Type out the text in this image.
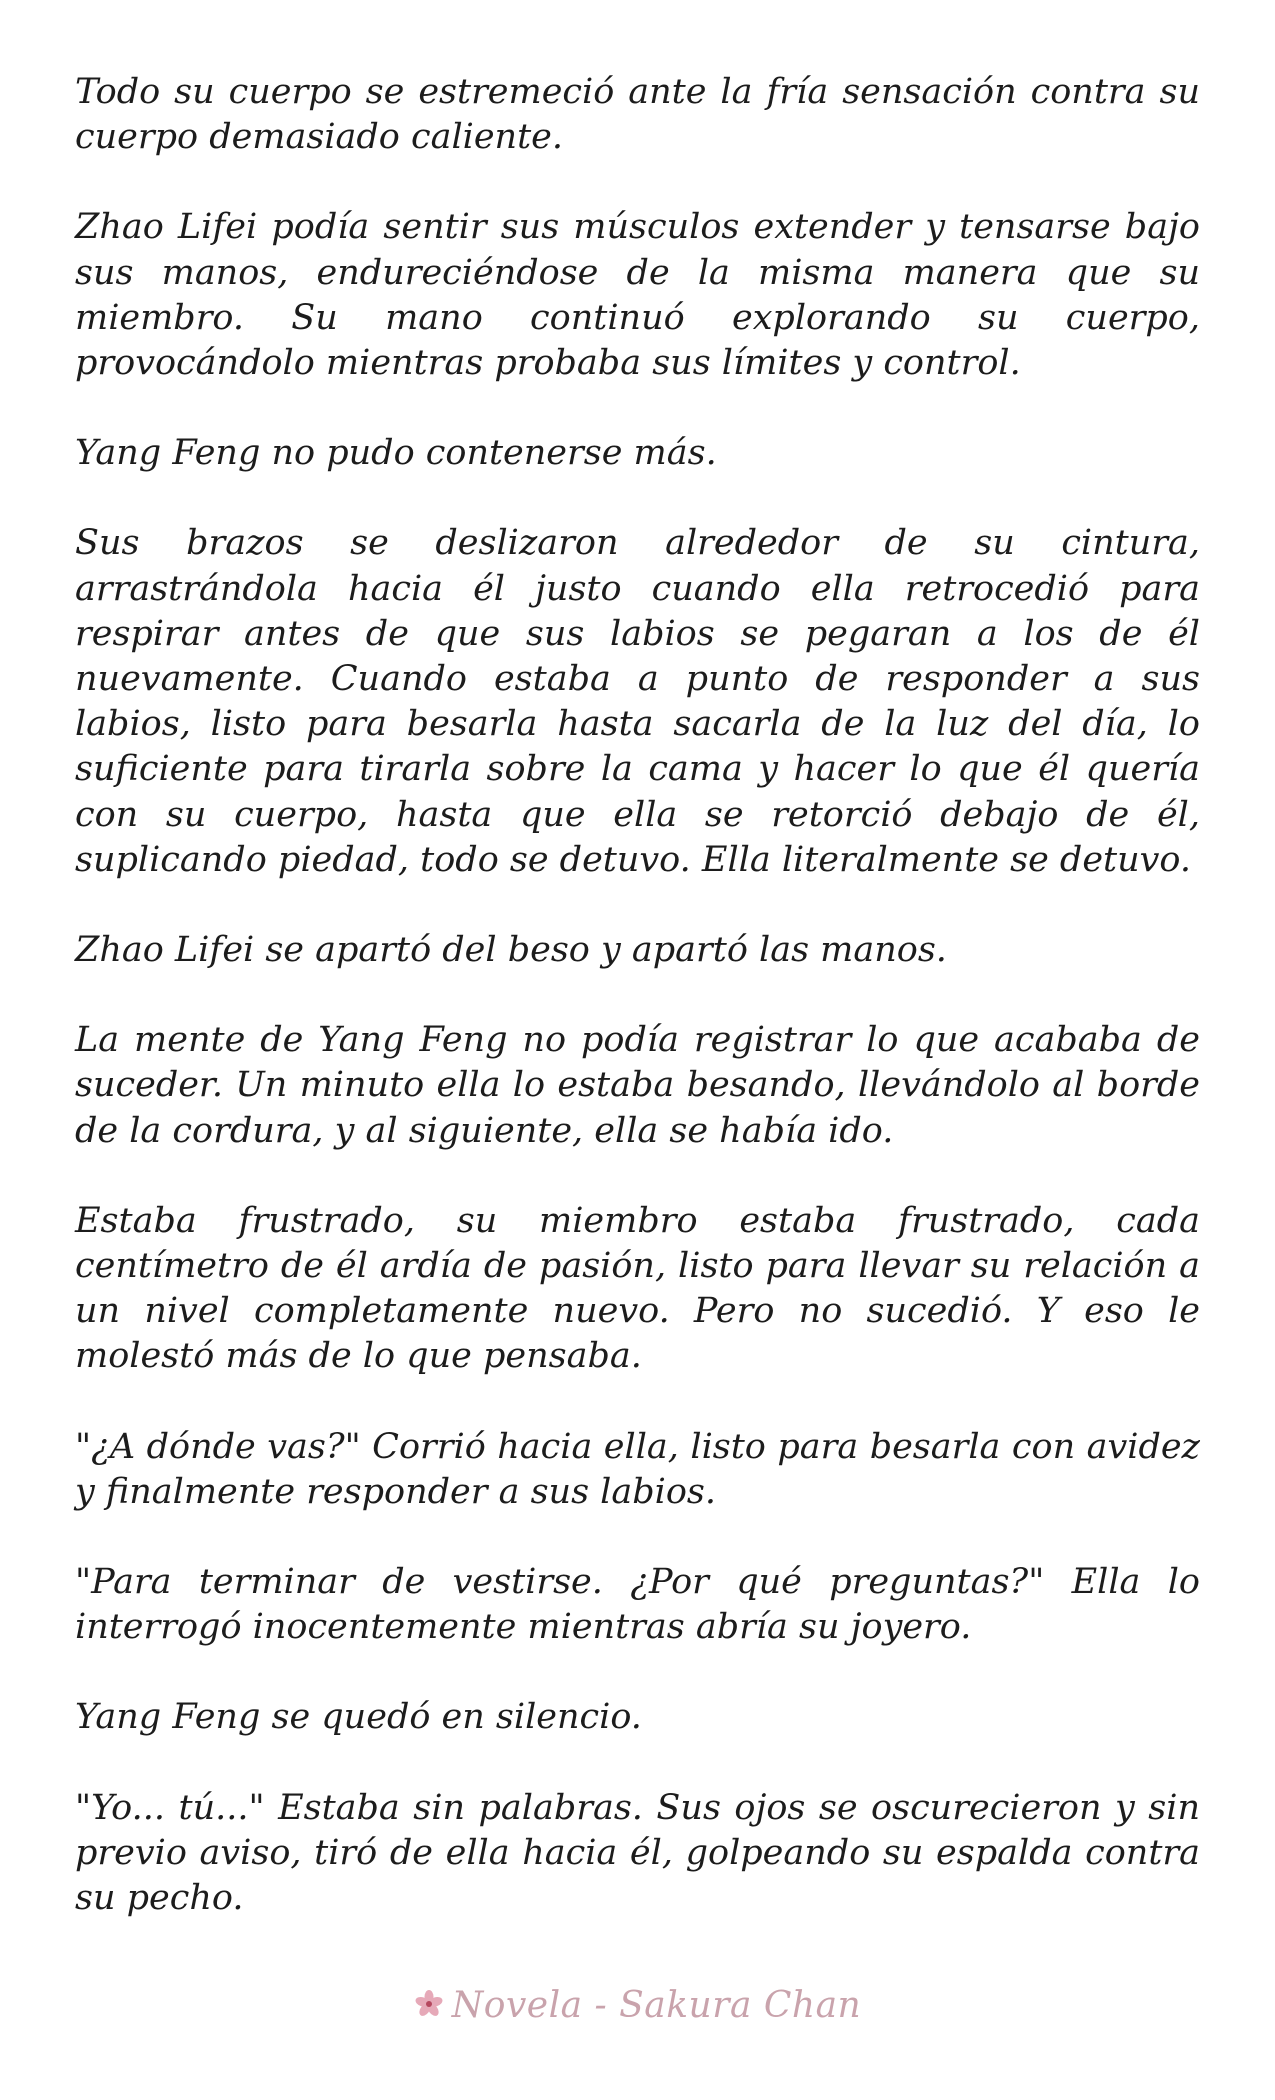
Todo su cuerpo se estremeció ante la fría sensación contra su cuerpo demasiado caliente.

Zhao Lifei podía sentir sus músculos extender y tensarse bajo sus manos, endureciéndose de la misma manera que su miembro. Su mano continuó explorando su cuerpo, provocándolo mientras probaba sus límites y control.

Yang Feng no pudo contenerse más.

Sus brazos se deslizaron alrededor de su cintura, arrastrándola hacia él justo cuando ella retrocedió para respirar antes de que sus labios se pegaran a los de él nuevamente. Cuando estaba a punto de responder a sus labios, listo para besarla hasta sacarla de la luz del día, lo suficiente para tirarla sobre la cama y hacer lo que él quería con su cuerpo, hasta que ella se retorció debajo de él, suplicando piedad, todo se detuvo. Ella literalmente se detuvo.

Zhao Lifei se apartó del beso y apartó las manos.

La mente de Yang Feng no podía registrar lo que acababa de suceder. Un minuto ella lo estaba besando, llevándolo al borde de la cordura, y al siguiente, ella se había ido.

Estaba frustrado, su miembro estaba frustrado, cada centímetro de él ardía de pasión, listo para llevar su relación a un nivel completamente nuevo. Pero no sucedió. Y eso le molestó más de lo que pensaba.

"¿A dónde vas?" Corrió hacia ella, listo para besarla con avidez y finalmente responder a sus labios.

"Para terminar de vestirse. ¿Por qué preguntas?" Ella lo interrogó inocentemente mientras abría su joyero.

Yang Feng se quedó en silencio.

"Yo... tú..." Estaba sin palabras. Sus ojos se oscurecieron y sin previo aviso, tiró de ella hacia él, golpeando su espalda contra su pecho.

Novela - Sakura Chan
